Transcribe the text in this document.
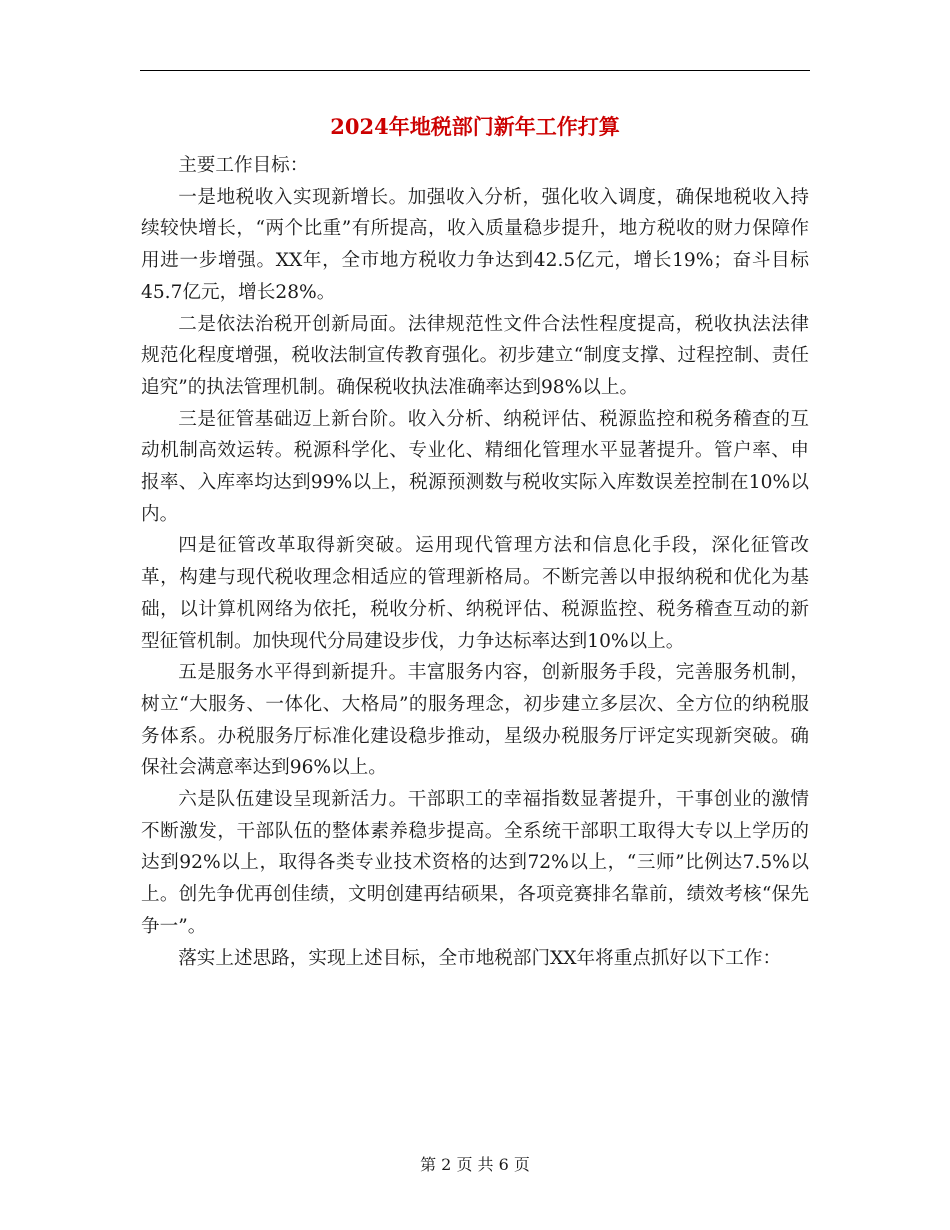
2024年地税部门新年工作打算

主要工作目标：

一是地税收入实现新增长。加强收入分析，强化收入调度，确保地税收入持续较快增长，“两个比重”有所提高，收入质量稳步提升，地方税收的财力保障作用进一步增强。XX年，全市地方税收力争达到42.5亿元，增长19%；奋斗目标45.7亿元，增长28%。

二是依法治税开创新局面。法律规范性文件合法性程度提高，税收执法法律规范化程度增强，税收法制宣传教育强化。初步建立“制度支撑、过程控制、责任追究”的执法管理机制。确保税收执法准确率达到98%以上。

三是征管基础迈上新台阶。收入分析、纳税评估、税源监控和税务稽查的互动机制高效运转。税源科学化、专业化、精细化管理水平显著提升。管户率、申报率、入库率均达到99%以上，税源预测数与税收实际入库数误差控制在10%以内。

四是征管改革取得新突破。运用现代管理方法和信息化手段，深化征管改革，构建与现代税收理念相适应的管理新格局。不断完善以申报纳税和优化为基础，以计算机网络为依托，税收分析、纳税评估、税源监控、税务稽查互动的新型征管机制。加快现代分局建设步伐，力争达标率达到10%以上。

五是服务水平得到新提升。丰富服务内容，创新服务手段，完善服务机制，树立“大服务、一体化、大格局”的服务理念，初步建立多层次、全方位的纳税服务体系。办税服务厅标准化建设稳步推动，星级办税服务厅评定实现新突破。确保社会满意率达到96%以上。

六是队伍建设呈现新活力。干部职工的幸福指数显著提升，干事创业的激情不断激发，干部队伍的整体素养稳步提高。全系统干部职工取得大专以上学历的达到92%以上，取得各类专业技术资格的达到72%以上，“三师”比例达7.5%以上。创先争优再创佳绩，文明创建再结硕果，各项竞赛排名靠前，绩效考核“保先争一”。

落实上述思路，实现上述目标，全市地税部门XX年将重点抓好以下工作：

第 2 页 共 6 页
